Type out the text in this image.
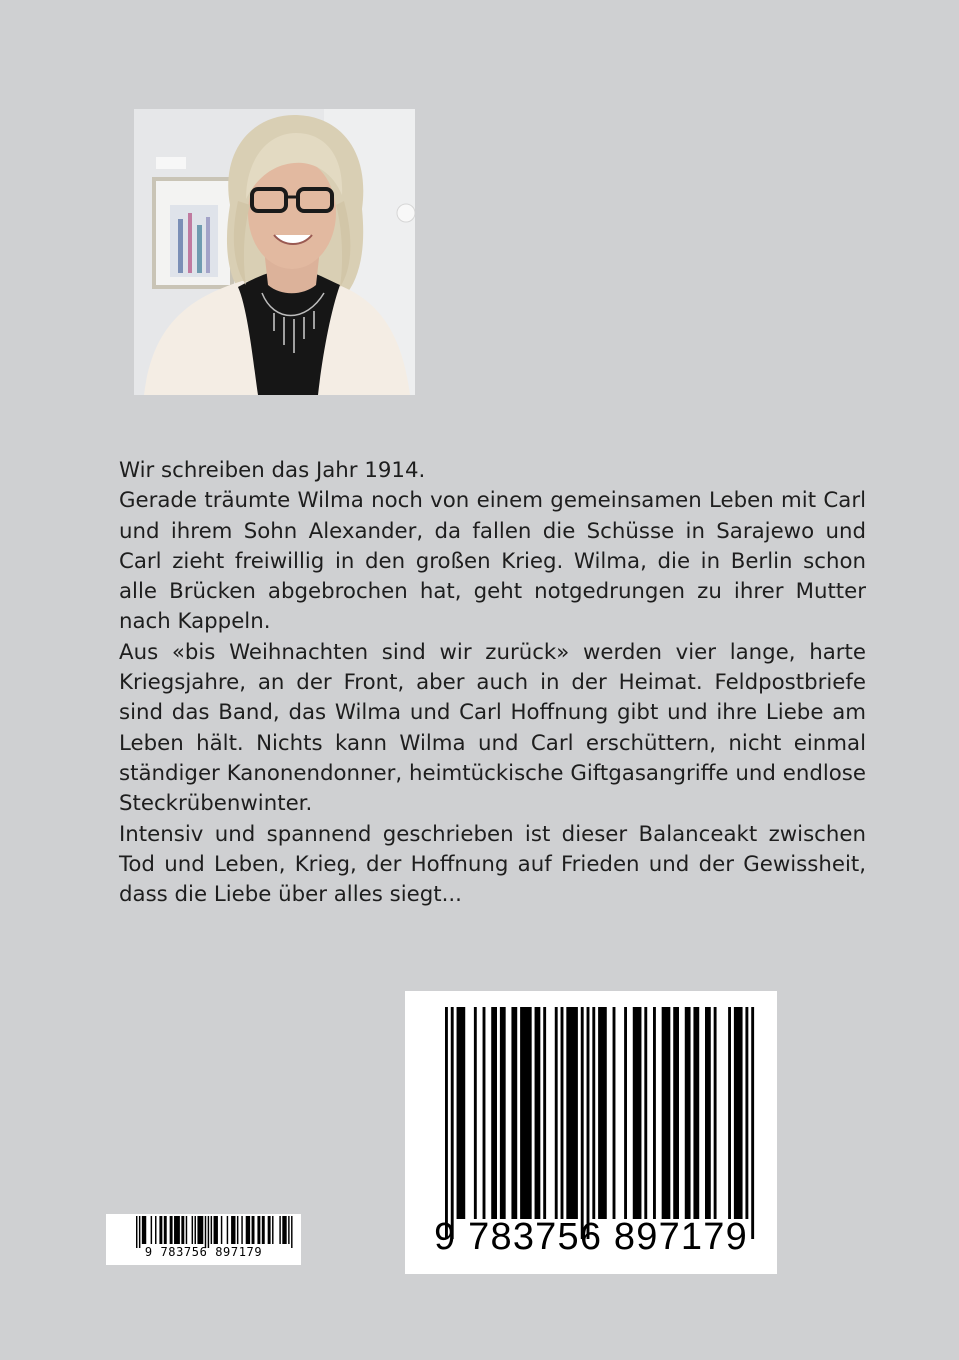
Wir schreiben das Jahr 1914.

Gerade träumte Wilma noch von einem gemeinsamen Leben mit Carl und ihrem Sohn Alexander, da fallen die Schüsse in Sarajewo und Carl zieht freiwillig in den großen Krieg. Wilma, die in Berlin schon alle Brücken abgebrochen hat, geht notgedrungen zu ihrer Mutter nach Kappeln.

Aus «bis Weihnachten sind wir zurück» werden vier lange, harte Kriegsjahre, an der Front, aber auch in der Heimat. Feldpostbriefe sind das Band, das Wilma und Carl Hoffnung gibt und ihre Liebe am Leben hält. Nichts kann Wilma und Carl erschüttern, nicht einmal ständiger Kanonendonner, heimtückische Giftgasangriffe und endlose Steckrübenwinter.

Intensiv und spannend geschrieben ist dieser Balanceakt zwischen Tod und Leben, Krieg, der Hoffnung auf Frieden und der Gewissheit, dass die Liebe über alles siegt...

9 783756 897179
9 783756 897179
